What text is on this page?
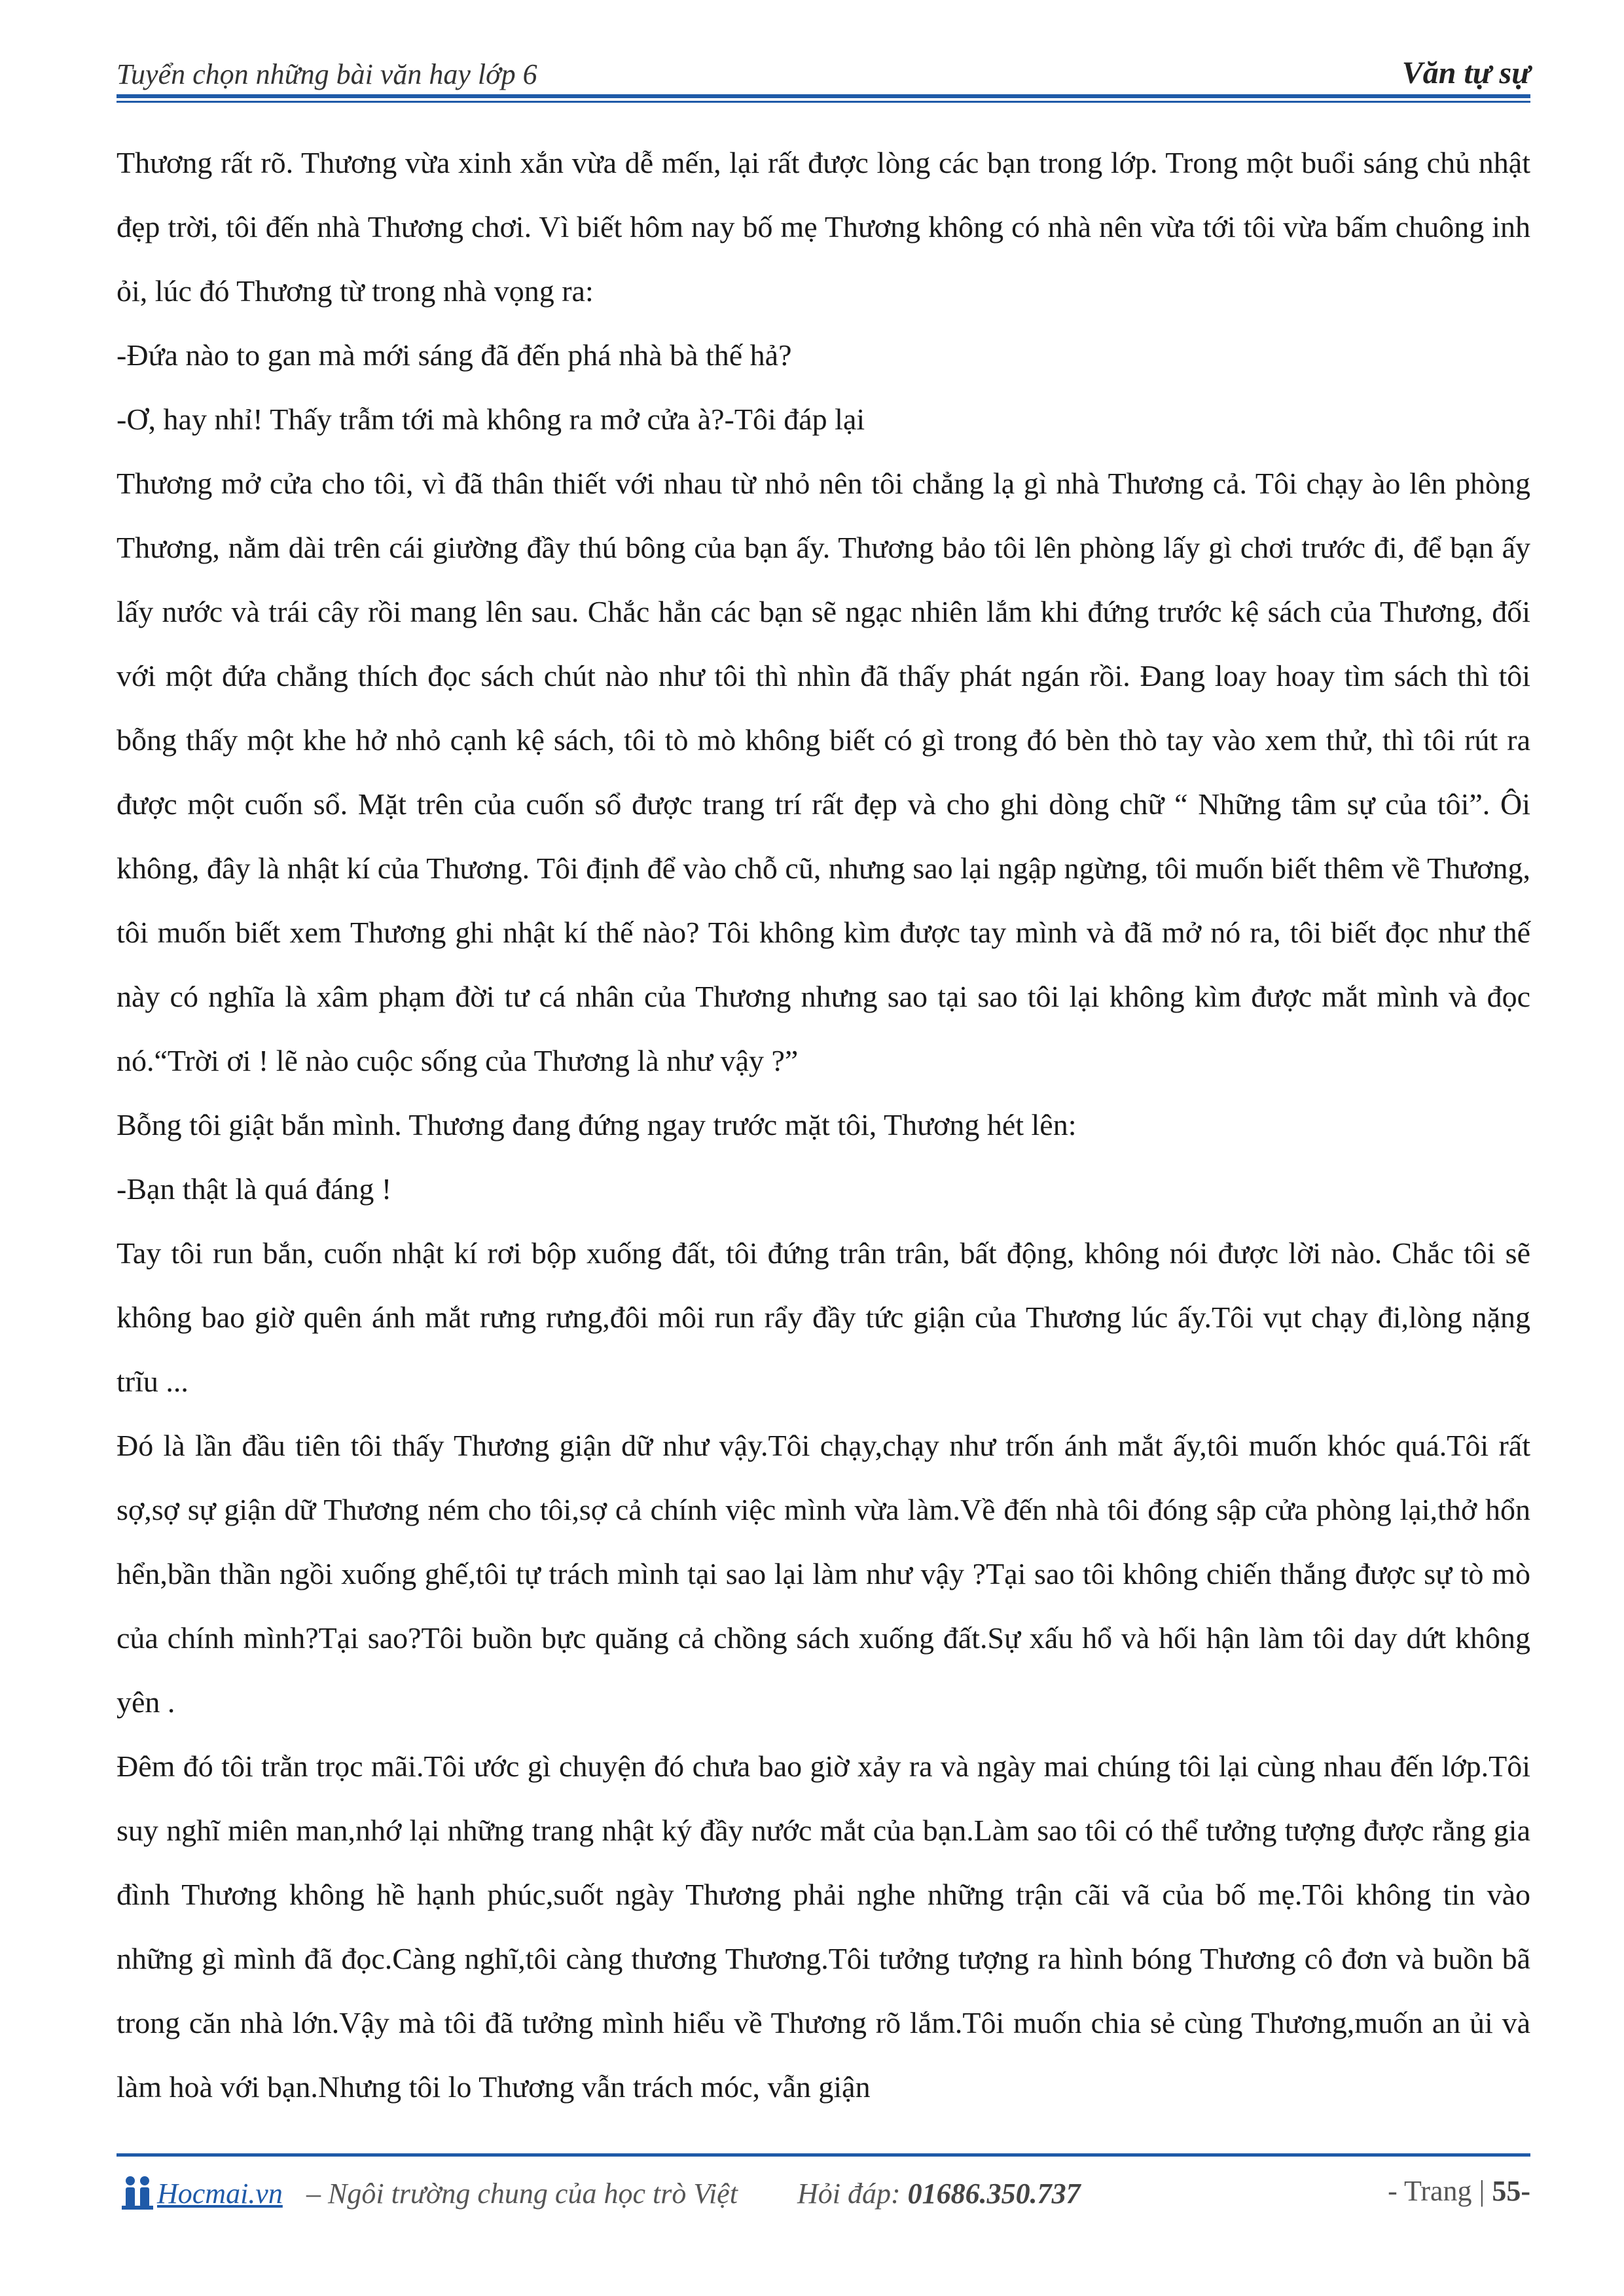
Tuyển chọn những bài văn hay lớp 6	Văn tự sự

Thương rất rõ. Thương vừa xinh xắn vừa dễ mến, lại rất được lòng các bạn trong lớp. Trong một buổi sáng chủ nhật đẹp trời, tôi đến nhà Thương chơi. Vì biết hôm nay bố mẹ Thương không có nhà nên vừa tới tôi vừa bấm chuông inh ỏi, lúc đó Thương từ trong nhà vọng ra:

-Đứa nào to gan mà mới sáng đã đến phá nhà bà thế hả?

-Ơ, hay nhỉ! Thấy trẫm tới mà không ra mở cửa à?-Tôi đáp lại

Thương mở cửa cho tôi, vì đã thân thiết với nhau từ nhỏ nên tôi chẳng lạ gì nhà Thương cả. Tôi chạy ào lên phòng Thương, nằm dài trên cái giường đầy thú bông của bạn ấy. Thương bảo tôi lên phòng lấy gì chơi trước đi, để bạn ấy lấy nước và trái cây rồi mang lên sau. Chắc hẳn các bạn sẽ ngạc nhiên lắm khi đứng trước kệ sách của Thương, đối với một đứa chẳng thích đọc sách chút nào như tôi thì nhìn đã thấy phát ngán rồi. Đang loay hoay tìm sách thì tôi bỗng thấy một khe hở nhỏ cạnh kệ sách, tôi tò mò không biết có gì trong đó bèn thò tay vào xem thử, thì tôi rút ra được một cuốn sổ. Mặt trên của cuốn sổ được trang trí rất đẹp và cho ghi dòng chữ “ Những tâm sự của tôi”. Ôi không, đây là nhật kí của Thương. Tôi định để vào chỗ cũ, nhưng sao lại ngập ngừng, tôi muốn biết thêm về Thương, tôi muốn biết xem Thương ghi nhật kí thế nào? Tôi không kìm được tay mình và đã mở nó ra, tôi biết đọc như thế này có nghĩa là xâm phạm đời tư cá nhân của Thương nhưng sao tại sao tôi lại không kìm được mắt mình và đọc nó.“Trời ơi ! lẽ nào cuộc sống của Thương là như vậy ?”

Bỗng tôi giật bắn mình. Thương đang đứng ngay trước mặt tôi, Thương hét lên:

-Bạn thật là quá đáng !

Tay tôi run bắn, cuốn nhật kí rơi bộp xuống đất, tôi đứng trân trân, bất động, không nói được lời nào. Chắc tôi sẽ không bao giờ quên ánh mắt rưng rưng,đôi môi run rẩy đầy tức giận của Thương lúc ấy.Tôi vụt chạy đi,lòng nặng trĩu ...

Đó là lần đầu tiên tôi thấy Thương giận dữ như vậy.Tôi chạy,chạy như trốn ánh mắt ấy,tôi muốn khóc quá.Tôi rất sợ,sợ sự giận dữ Thương ném cho tôi,sợ cả chính việc mình vừa làm.Về đến nhà tôi đóng sập cửa phòng lại,thở hổn hển,bần thần ngồi xuống ghế,tôi tự trách mình tại sao lại làm như vậy ?Tại sao tôi không chiến thắng được sự tò mò của chính mình?Tại sao?Tôi buồn bực quăng cả chồng sách xuống đất.Sự xấu hổ và hối hận làm tôi day dứt không yên .

Đêm đó tôi trằn trọc mãi.Tôi ước gì chuyện đó chưa bao giờ xảy ra và ngày mai chúng tôi lại cùng nhau đến lớp.Tôi suy nghĩ miên man,nhớ lại những trang nhật ký đầy nước mắt của bạn.Làm sao tôi có thể tưởng tượng được rằng gia đình Thương không hề hạnh phúc,suốt ngày Thương phải nghe những trận cãi vã của bố mẹ.Tôi không tin vào những gì mình đã đọc.Càng nghĩ,tôi càng thương Thương.Tôi tưởng tượng ra hình bóng Thương cô đơn và buồn bã trong căn nhà lớn.Vậy mà tôi đã tưởng mình hiểu về Thương rõ lắm.Tôi muốn chia sẻ cùng Thương,muốn an ủi và làm hoà với bạn.Nhưng tôi lo Thương vẫn trách móc, vẫn giận

Hocmai.vn – Ngôi trường chung của học trò Việt Hỏi đáp: 01686.350.737	- Trang | 55-
